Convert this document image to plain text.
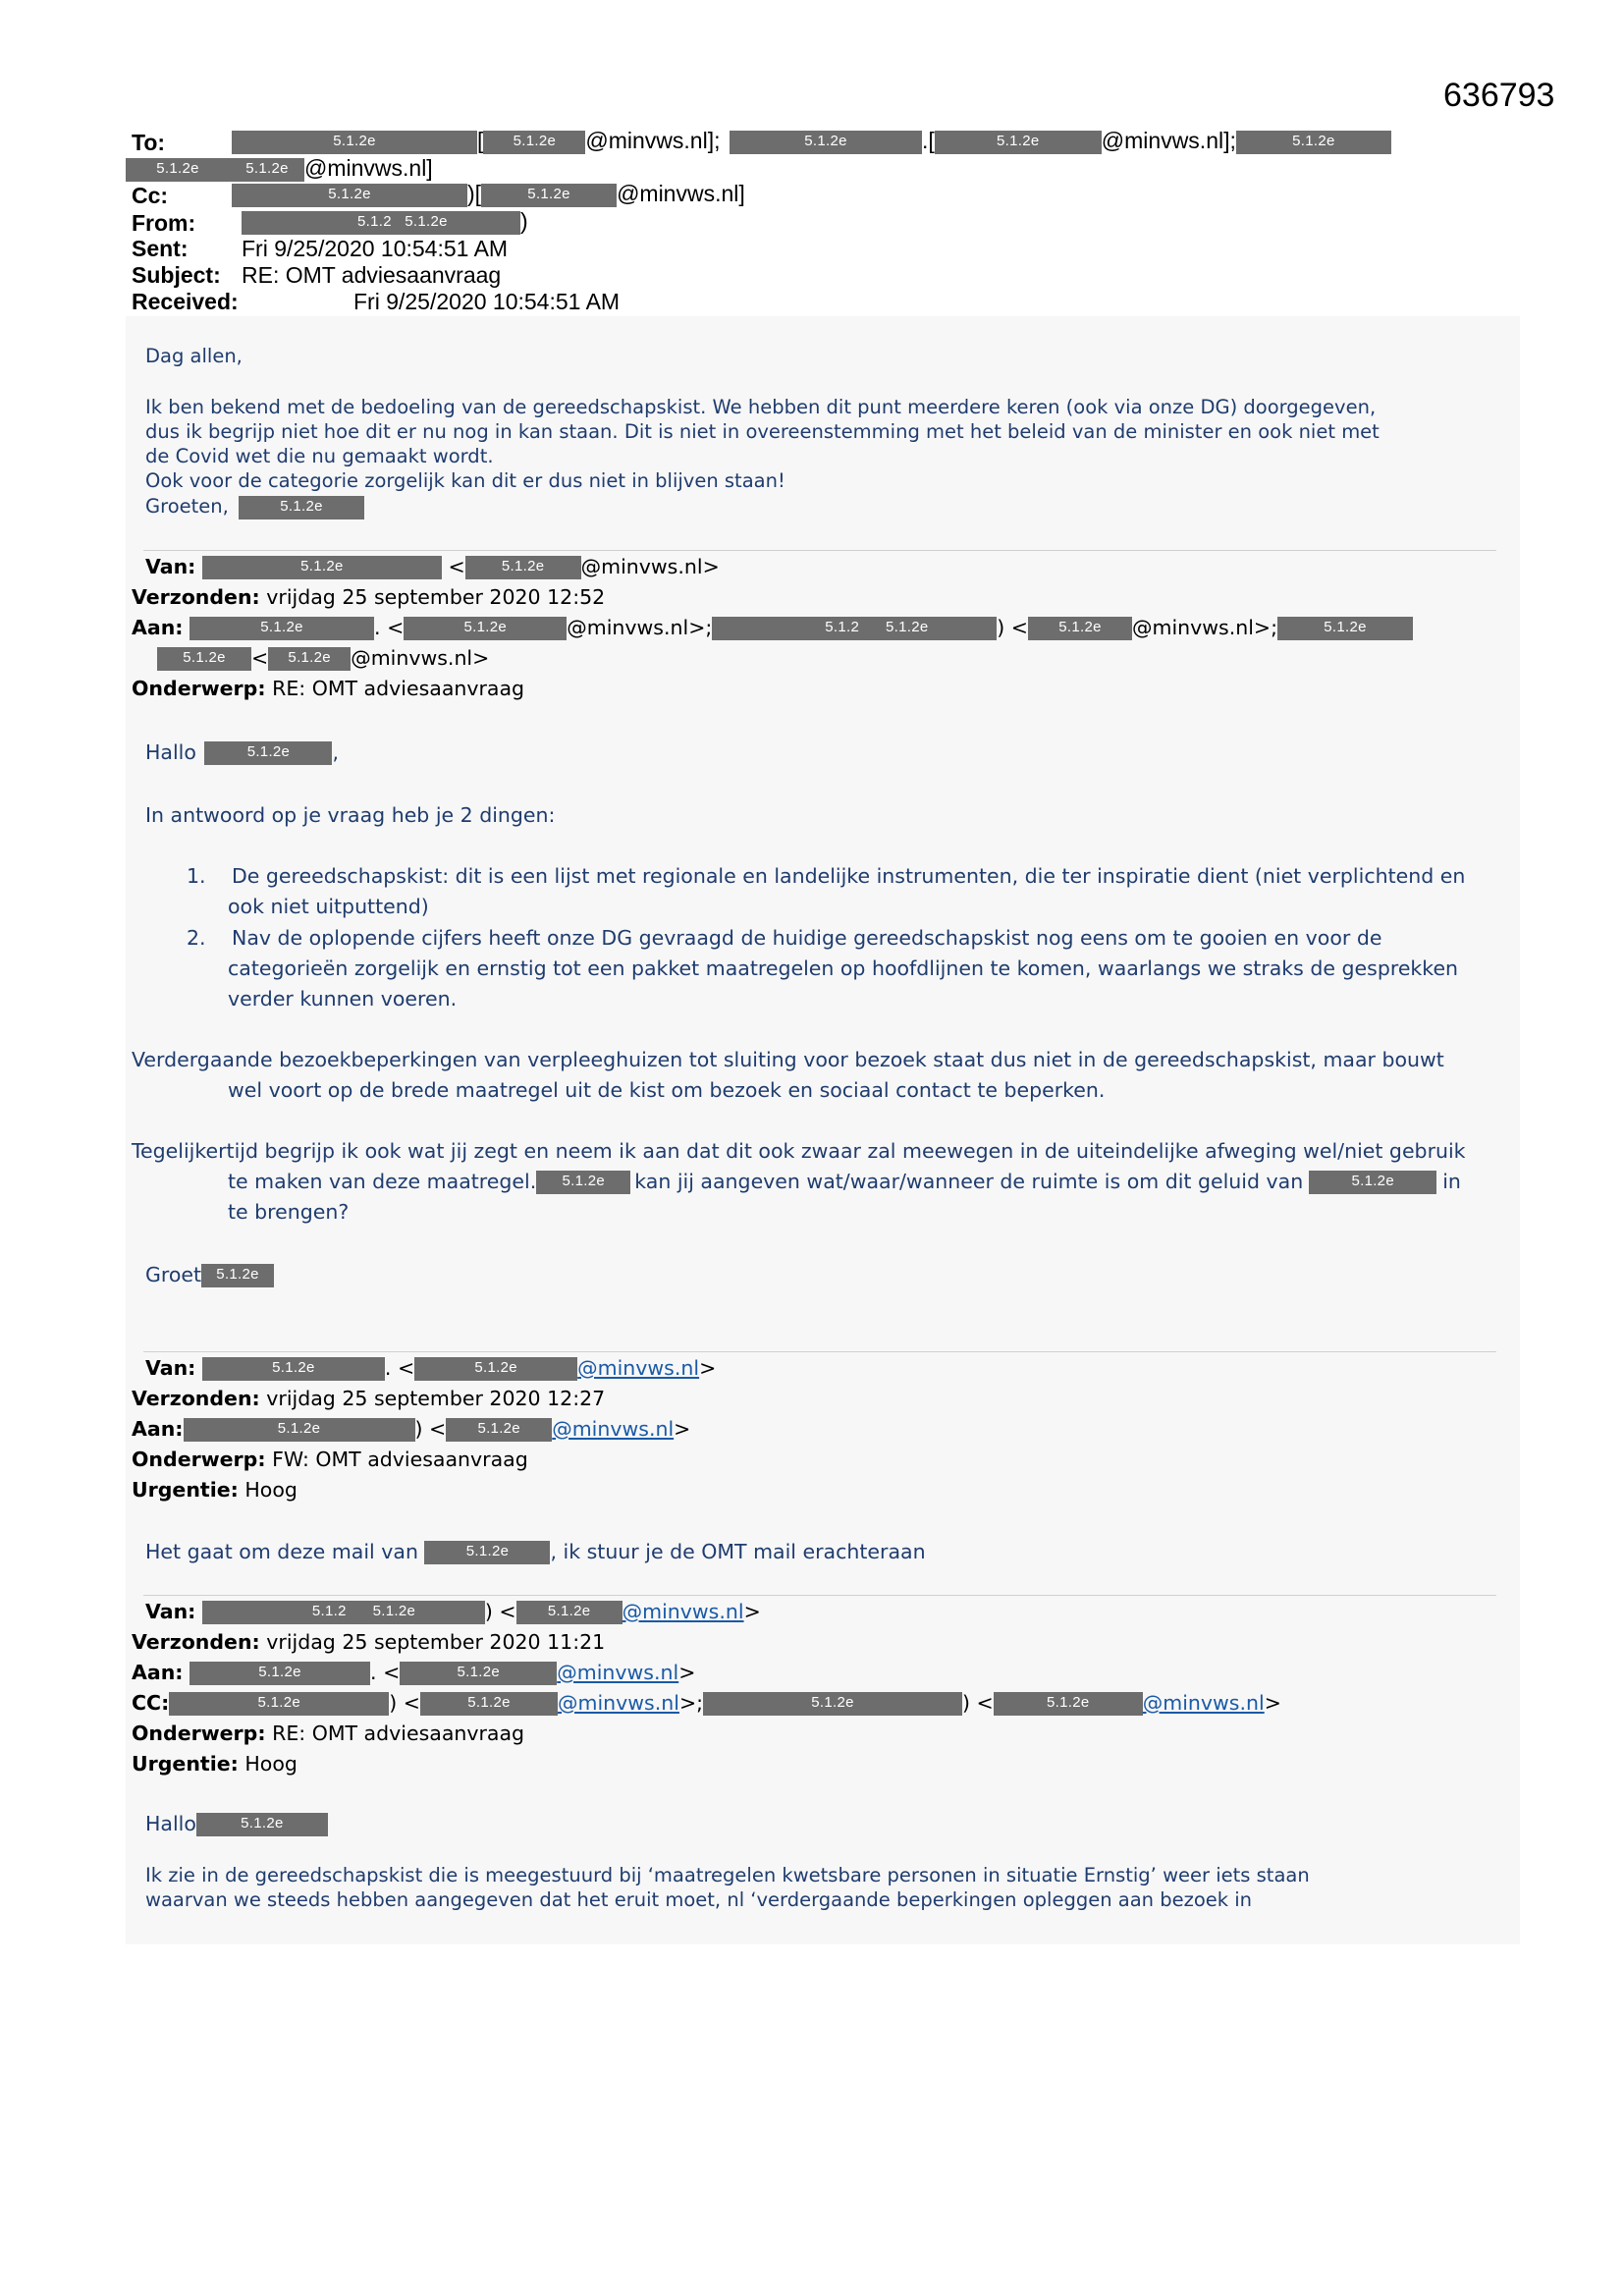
636793
To:	5.1.2e	[ 5.1.2e @minvws.nl];	5.1.2e	.[	5.1.2e	@minvws.nl];	5.1.2e
5.1.2e	5.1.2e @minvws.nl]
Cc:	5.1.2e	)[	5.1.2e @minvws.nl]
From:	5.1.2 5.1.2e	)
Sent: Fri 9/25/2020 10:54:51 AM
Subject: RE: OMT adviesaanvraag
Received:	Fri 9/25/2020 10:54:51 AM
Dag allen,
Ik ben bekend met de bedoeling van de gereedschapskist. We hebben dit punt meerdere keren (ook via onze DG) doorgegeven,
dus ik begrijp niet hoe dit er nu nog in kan staan. Dit is niet in overeenstemming met het beleid van de minister en ook niet met
de Covid wet die nu gemaakt wordt.
Ook voor de categorie zorgelijk kan dit er dus niet in blijven staan!
Groeten,	5.1.2e
Van:	5.1.2e	< 5.1.2e @minvws.nl>
Verzonden: vrijdag 25 september 2020 12:52
Aan:	5.1.2e	. <	5.1.2e	@minvws.nl>;	5.1.2 5.1.2e	) < 5.1.2e @minvws.nl>;	5.1.2e
5.1.2e < 5.1.2e @minvws.nl>
Onderwerp: RE: OMT adviesaanvraag
Hallo	5.1.2e ,
In antwoord op je vraag heb je 2 dingen:
1. De gereedschapskist: dit is een lijst met regionale en landelijke instrumenten, die ter inspiratie dient (niet verplichtend en
ook niet uitputtend)
2. Nav de oplopende cijfers heeft onze DG gevraagd de huidige gereedschapskist nog eens om te gooien en voor de
categorieën zorgelijk en ernstig tot een pakket maatregelen op hoofdlijnen te komen, waarlangs we straks de gesprekken
verder kunnen voeren.
Verdergaande bezoekbeperkingen van verpleeghuizen tot sluiting voor bezoek staat dus niet in de gereedschapskist, maar bouwt
wel voort op de brede maatregel uit de kist om bezoek en sociaal contact te beperken.
Tegelijkertijd begrijp ik ook wat jij zegt en neem ik aan dat dit ook zwaar zal meewegen in de uiteindelijke afweging wel/niet gebruik
te maken van deze maatregel. 5.1.2e kan jij aangeven wat/waar/wanneer de ruimte is om dit geluid van	5.1.2e in
te brengen?
Groet 5.1.2e
Van:	5.1.2e	. <	5.1.2e	@minvws.nl>
Verzonden: vrijdag 25 september 2020 12:27
Aan:	5.1.2e	) < 5.1.2e @minvws.nl>
Onderwerp: FW: OMT adviesaanvraag
Urgentie: Hoog
Het gaat om deze mail van	5.1.2e , ik stuur je de OMT mail erachteraan
Van:	5.1.2 5.1.2e	) < 5.1.2e @minvws.nl>
Verzonden: vrijdag 25 september 2020 11:21
Aan:	5.1.2e	. <	5.1.2e	@minvws.nl>
CC:	5.1.2e	) <	5.1.2e @minvws.nl>;	5.1.2e	) <	5.1.2e	@minvws.nl>
Onderwerp: RE: OMT adviesaanvraag
Urgentie: Hoog
Hallo	5.1.2e
Ik zie in de gereedschapskist die is meegestuurd bij ‘maatregelen kwetsbare personen in situatie Ernstig’ weer iets staan
waarvan we steeds hebben aangegeven dat het eruit moet, nl ‘verdergaande beperkingen opleggen aan bezoek in
